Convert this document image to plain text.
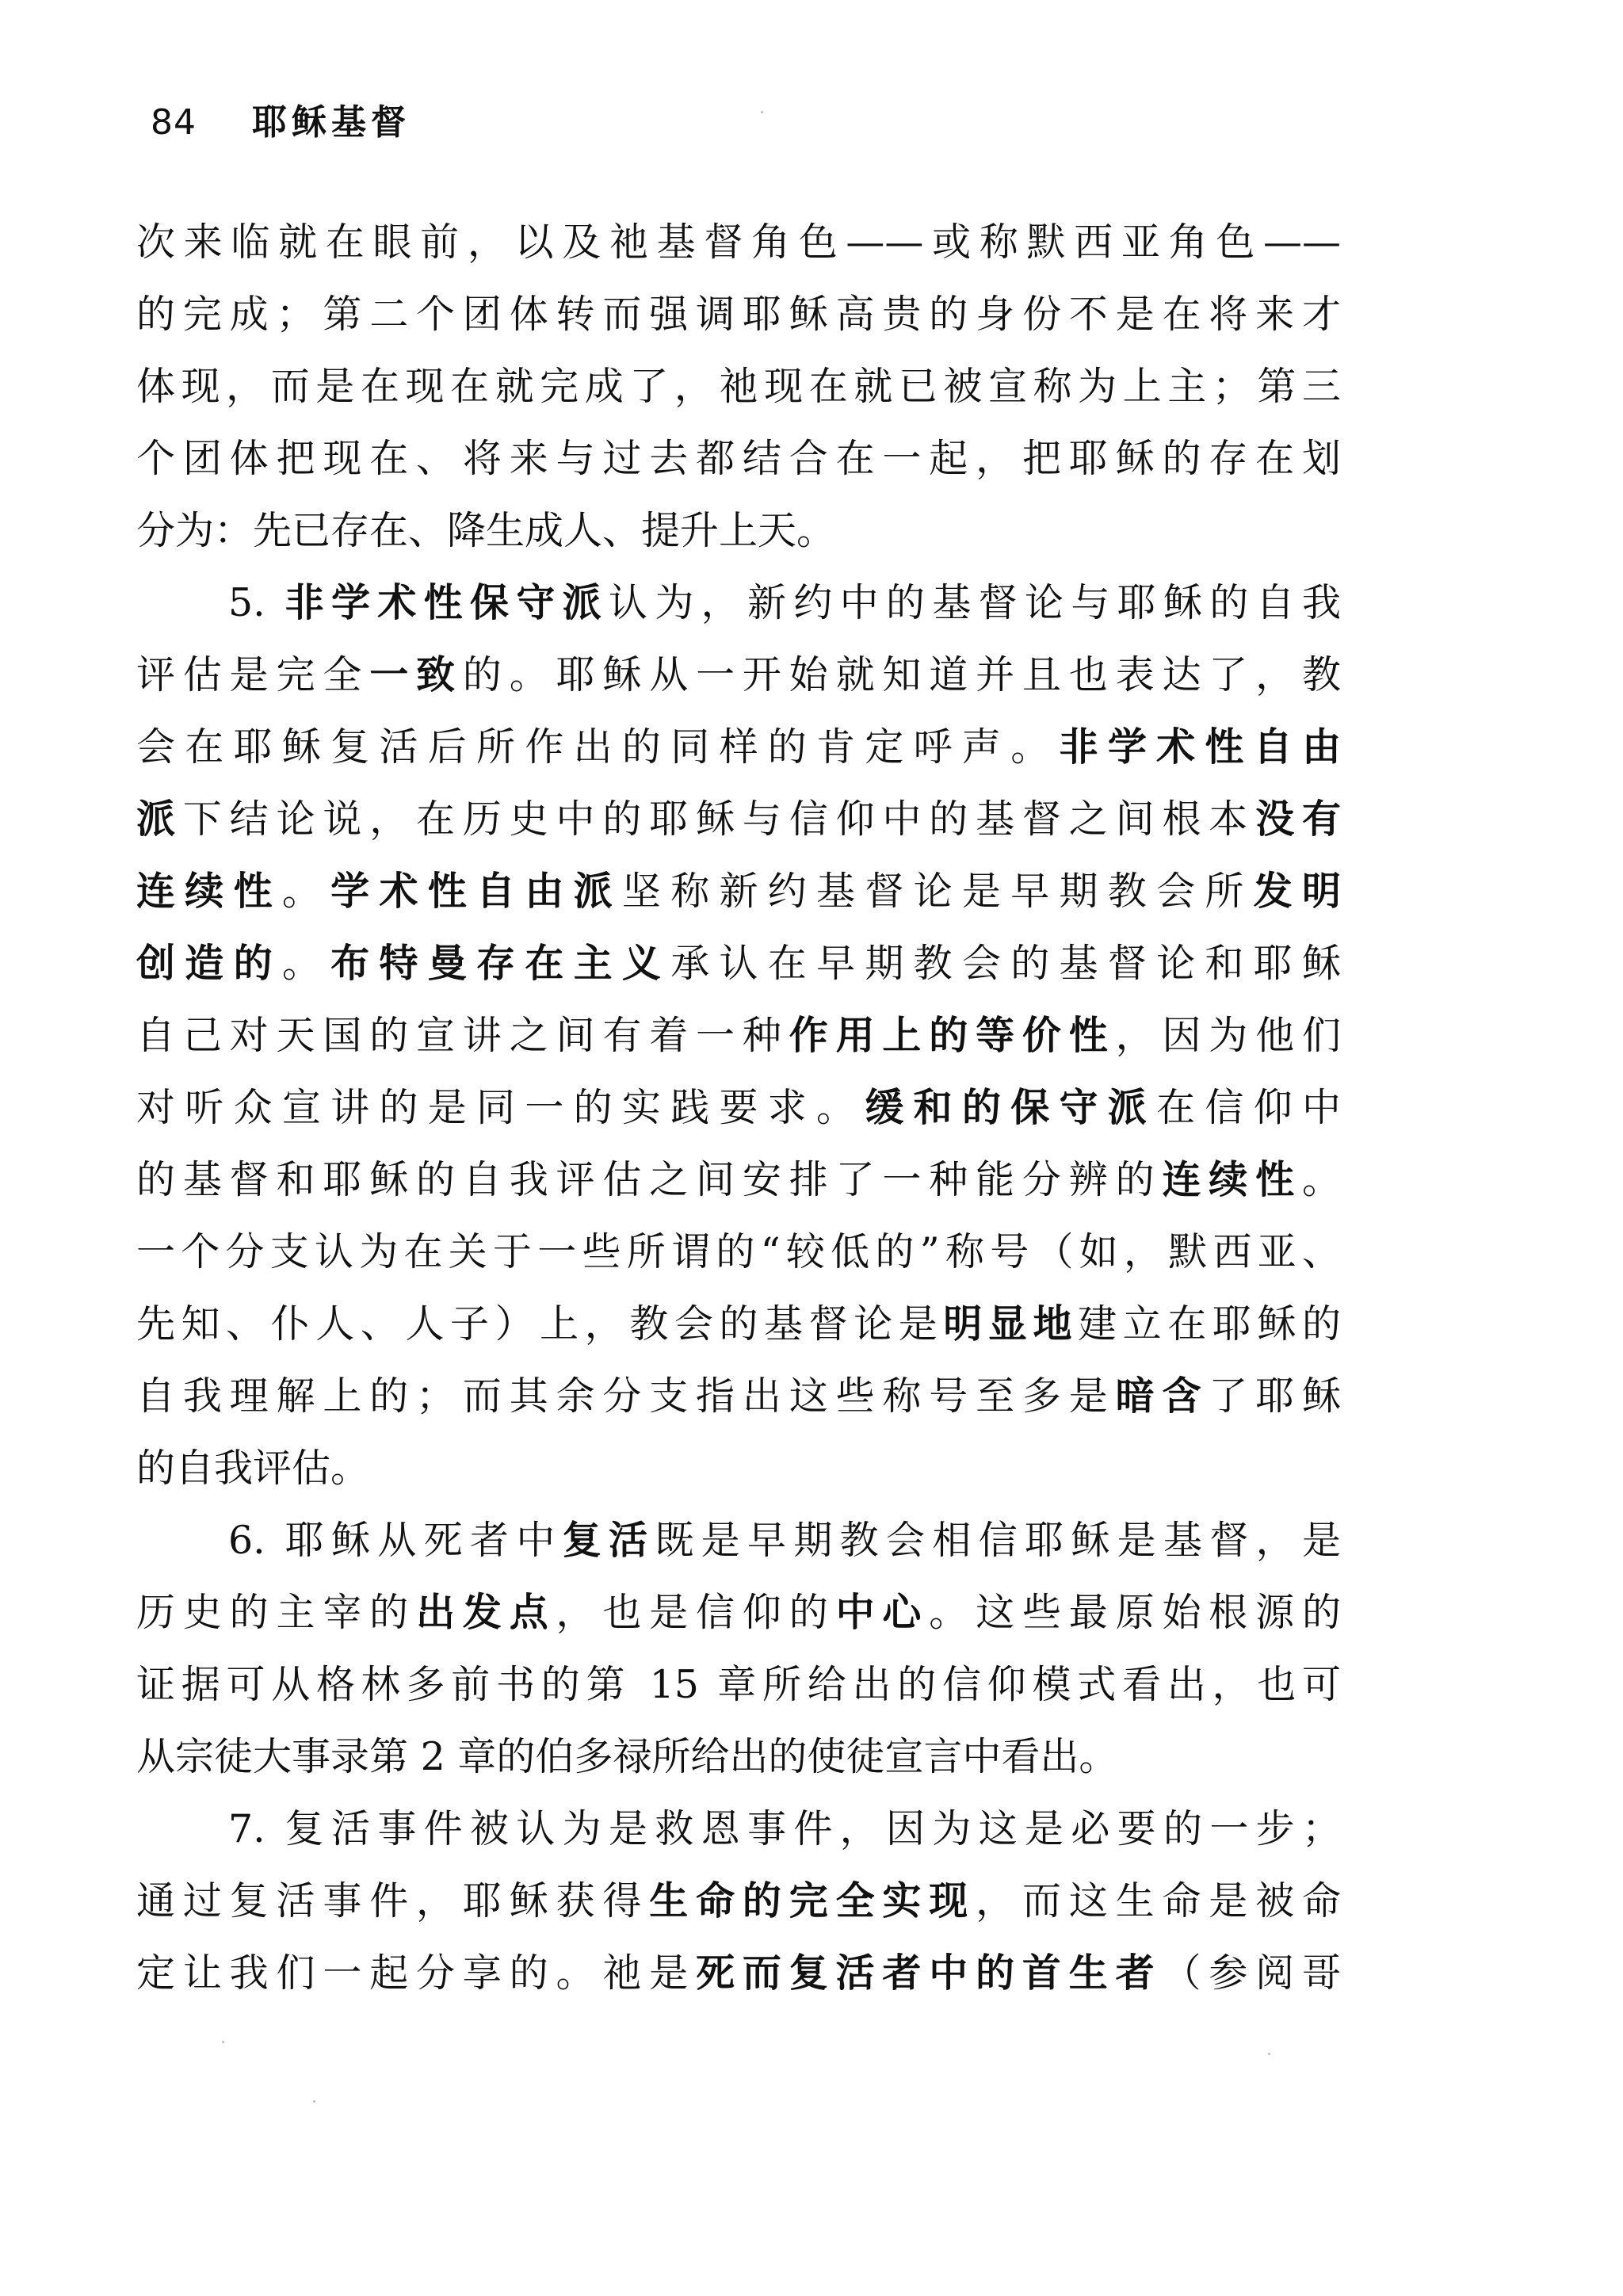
84 耶稣基督
次来临就在眼前，以及祂基督角色——或称默西亚角色——
的完成；第二个团体转而强调耶稣高贵的身份不是在将来才
体现，而是在现在就完成了，祂现在就已被宣称为上主；第三
个团体把现在、将来与过去都结合在一起，把耶稣的存在划
分为：先已存在、降生成人、提升上天。
5. 非学术性保守派认为，新约中的基督论与耶稣的自我
评估是完全一致的。耶稣从一开始就知道并且也表达了，教
会在耶稣复活后所作出的同样的肯定呼声。非学术性自由
派下结论说，在历史中的耶稣与信仰中的基督之间根本没有
连续性。学术性自由派坚称新约基督论是早期教会所发明
创造的。布特曼存在主义承认在早期教会的基督论和耶稣
自己对天国的宣讲之间有着一种作用上的等价性，因为他们
对听众宣讲的是同一的实践要求。缓和的保守派在信仰中
的基督和耶稣的自我评估之间安排了一种能分辨的连续性。
一个分支认为在关于一些所谓的“较低的”称号（如，默西亚、
先知、仆人、人子）上，教会的基督论是明显地建立在耶稣的
自我理解上的；而其余分支指出这些称号至多是暗含了耶稣
的自我评估。
6. 耶稣从死者中复活既是早期教会相信耶稣是基督，是
历史的主宰的出发点，也是信仰的中心。这些最原始根源的
证据可从格林多前书的第 15 章所给出的信仰模式看出，也可
从宗徒大事录第 2 章的伯多禄所给出的使徒宣言中看出。
7. 复活事件被认为是救恩事件，因为这是必要的一步；
通过复活事件，耶稣获得生命的完全实现，而这生命是被命
定让我们一起分享的。祂是死而复活者中的首生者（参阅哥
